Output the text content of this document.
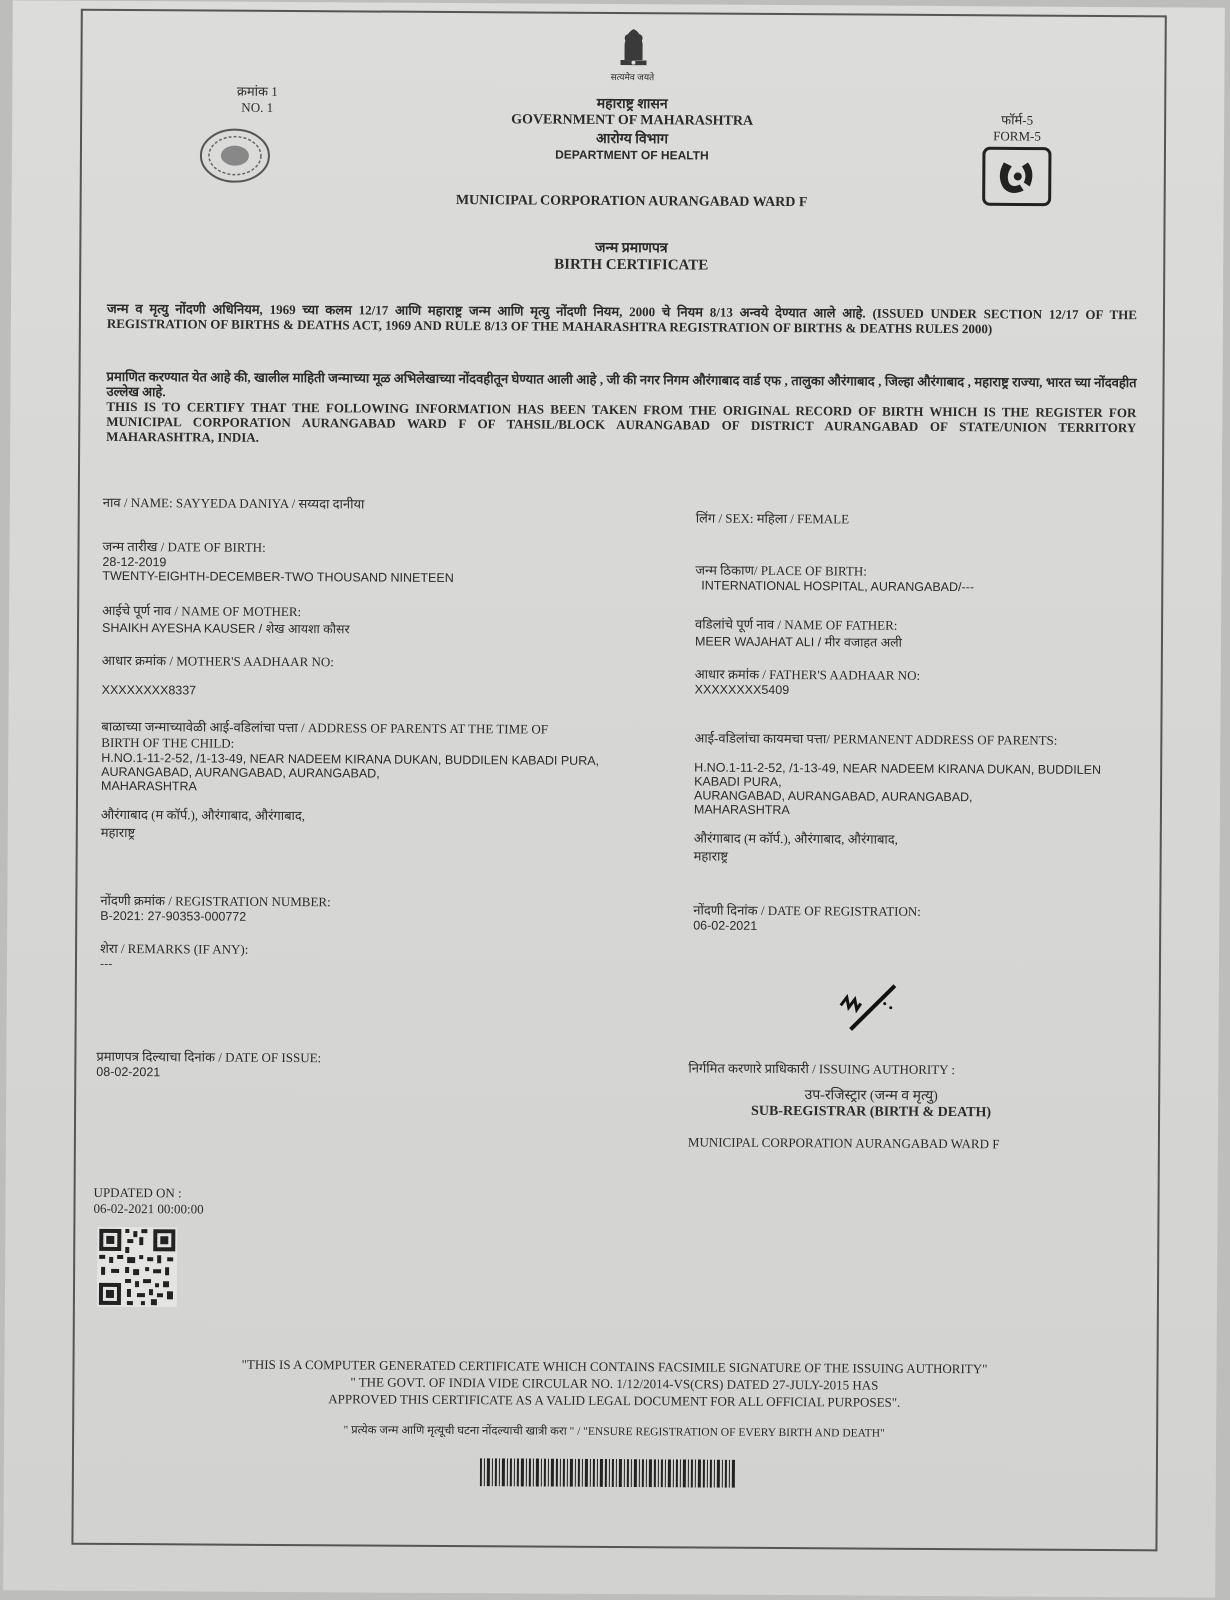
क्रमांक 1
NO. 1
सत्यमेव जयते
महाराष्ट्र शासन
GOVERNMENT OF MAHARASHTRA
आरोग्य विभाग
DEPARTMENT OF HEALTH
फॉर्म-5
FORM-5
MUNICIPAL CORPORATION AURANGABAD WARD F
जन्म प्रमाणपत्र
BIRTH CERTIFICATE
जन्म व मृत्यु नोंदणी अधिनियम, 1969 च्या कलम 12/17 आणि महाराष्ट्र जन्म आणि मृत्यु नोंदणी नियम, 2000 चे नियम 8/13 अन्वये देण्यात आले आहे. (ISSUED UNDER SECTION 12/17 OF THE REGISTRATION OF BIRTHS & DEATHS ACT, 1969 AND RULE 8/13 OF THE MAHARASHTRA REGISTRATION OF BIRTHS & DEATHS RULES 2000)
प्रमाणित करण्यात येत आहे की, खालील माहिती जन्माच्या मूळ अभिलेखाच्या नोंदवहीतून घेण्यात आली आहे , जी की नगर निगम औरंगाबाद वार्ड एफ , तालुका औरंगाबाद , जिल्हा औरंगाबाद , महाराष्ट्र राज्या, भारत च्या नोंदवहीत उल्लेख आहे.
THIS IS TO CERTIFY THAT THE FOLLOWING INFORMATION HAS BEEN TAKEN FROM THE ORIGINAL RECORD OF BIRTH WHICH IS THE REGISTER FOR MUNICIPAL CORPORATION AURANGABAD WARD F OF TAHSIL/BLOCK AURANGABAD OF DISTRICT AURANGABAD OF STATE/UNION TERRITORY MAHARASHTRA, INDIA.
नाव / NAME: SAYYEDA DANIYA / सय्यदा दानीया
जन्म तारीख / DATE OF BIRTH:
28-12-2019
TWENTY-EIGHTH-DECEMBER-TWO THOUSAND NINETEEN
आईचे पूर्ण नाव / NAME OF MOTHER:
SHAIKH AYESHA KAUSER / शेख आयशा कौसर
आधार क्रमांक / MOTHER'S AADHAAR NO:
XXXXXXXX8337
बाळाच्या जन्माच्यावेळी आई-वडिलांचा पत्ता / ADDRESS OF PARENTS AT THE TIME OF
BIRTH OF THE CHILD:
H.NO.1-11-2-52, /1-13-49, NEAR NADEEM KIRANA DUKAN, BUDDILEN KABADI PURA,
AURANGABAD, AURANGABAD, AURANGABAD,
MAHARASHTRA
औरंगाबाद (म कॉर्प.), औरंगाबाद, औरंगाबाद,
महाराष्ट्र
नोंदणी क्रमांक / REGISTRATION NUMBER:
B-2021: 27-90353-000772
शेरा / REMARKS (IF ANY):
---
प्रमाणपत्र दिल्याचा दिनांक / DATE OF ISSUE:
08-02-2021
UPDATED ON :
06-02-2021 00:00:00
लिंग / SEX: महिला / FEMALE
जन्म ठिकाण/ PLACE OF BIRTH:
INTERNATIONAL HOSPITAL, AURANGABAD/---
वडिलांचे पूर्ण नाव / NAME OF FATHER:
MEER WAJAHAT ALI / मीर वजाहत अली
आधार क्रमांक / FATHER'S AADHAAR NO:
XXXXXXXX5409
आई-वडिलांचा कायमचा पत्ता/ PERMANENT ADDRESS OF PARENTS:
H.NO.1-11-2-52, /1-13-49, NEAR NADEEM KIRANA DUKAN, BUDDILEN
KABADI PURA,
AURANGABAD, AURANGABAD, AURANGABAD,
MAHARASHTRA
औरंगाबाद (म कॉर्प.), औरंगाबाद, औरंगाबाद,
महाराष्ट्र
नोंदणी दिनांक / DATE OF REGISTRATION:
06-02-2021
निर्गमित करणारे प्राधिकारी / ISSUING AUTHORITY :
उप-रजिस्ट्रार (जन्म व मृत्यु)
SUB-REGISTRAR (BIRTH & DEATH)
MUNICIPAL CORPORATION AURANGABAD WARD F
"THIS IS A COMPUTER GENERATED CERTIFICATE WHICH CONTAINS FACSIMILE SIGNATURE OF THE ISSUING AUTHORITY"
" THE GOVT. OF INDIA VIDE CIRCULAR NO. 1/12/2014-VS(CRS) DATED 27-JULY-2015 HAS
APPROVED THIS CERTIFICATE AS A VALID LEGAL DOCUMENT FOR ALL OFFICIAL PURPOSES".
" प्रत्येक जन्म आणि मृत्यूची घटना नोंदल्याची खात्री करा " / "ENSURE REGISTRATION OF EVERY BIRTH AND DEATH"
